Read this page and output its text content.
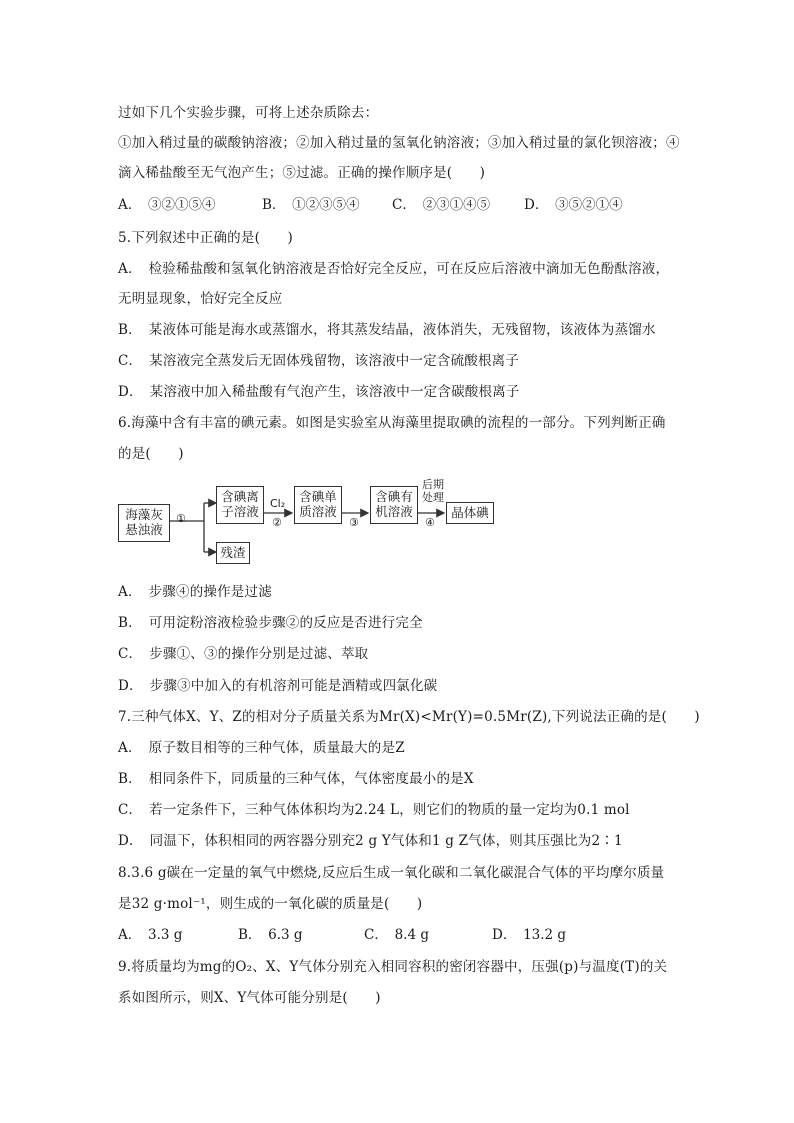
过如下几个实验步骤，可将上述杂质除去：
①加入稍过量的碳酸钠溶液；②加入稍过量的氢氧化钠溶液；③加入稍过量的氯化钡溶液；④
滴入稀盐酸至无气泡产生；⑤过滤。正确的操作顺序是(　　)
A．　③②①⑤④	B．　①②③⑤④ C．　②③①④⑤	D．　③⑤②①④
5.下列叙述中正确的是(　　)
A．　检验稀盐酸和氢氧化钠溶液是否恰好完全反应，可在反应后溶液中滴加无色酚酞溶液，
无明显现象，恰好完全反应
B．　某液体可能是海水或蒸馏水，将其蒸发结晶，液体消失，无残留物，该液体为蒸馏水
C．　某溶液完全蒸发后无固体残留物，该溶液中一定含硫酸根离子
D．　某溶液中加入稀盐酸有气泡产生，该溶液中一定含碳酸根离子
6.海藻中含有丰富的碘元素。如图是实验室从海藻里提取碘的流程的一部分。下列判断正确
的是(　　)
海藻灰
悬浊液
①
含碘离
子溶液
残渣
Cl₂
②
含碘单
质溶液
③
含碘有
机溶液
后期
处理
④
晶体碘
A．　步骤④的操作是过滤
B．　可用淀粉溶液检验步骤②的反应是否进行完全
C．　步骤①、③的操作分别是过滤、萃取
D．　步骤③中加入的有机溶剂可能是酒精或四氯化碳
7.三种气体X、Y、Z的相对分子质量关系为Mr(X)<Mr(Y)=0.5Mr(Z),下列说法正确的是(　　)
A．　原子数目相等的三种气体，质量最大的是Z
B．　相同条件下，同质量的三种气体，气体密度最小的是X
C．　若一定条件下，三种气体体积均为2.24 L，则它们的物质的量一定均为0.1 mol
D．　同温下，体积相同的两容器分别充2 g Y气体和1 g Z气体，则其压强比为2∶1
8.3.6 g碳在一定量的氧气中燃烧,反应后生成一氧化碳和二氧化碳混合气体的平均摩尔质量
是32 g·mol⁻¹，则生成的一氧化碳的质量是(　　)
A．　3.3 g	B．　6.3 g	C．　8.4 g	D．　13.2 g
9.将质量均为mg的O₂、X、Y气体分别充入相同容积的密闭容器中，压强(p)与温度(T)的关
系如图所示，则X、Y气体可能分别是(　　)
